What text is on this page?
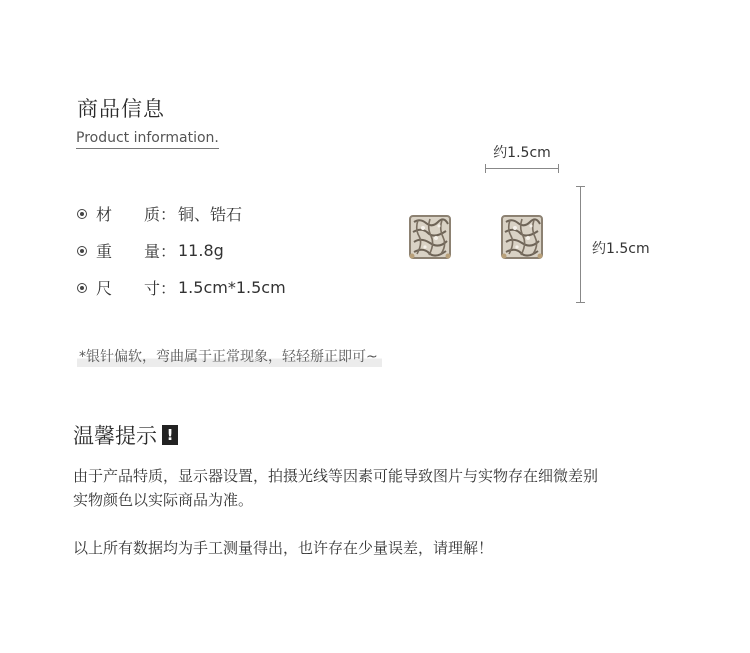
商品信息
Product information.
材　　质： 铜、锆石
重　　量： 11.8g
尺　　寸： 1.5cm*1.5cm
约1.5cm
约1.5cm
*银针偏软，弯曲属于正常现象，轻轻掰正即可~
温馨提示 !
由于产品特质，显示器设置，拍摄光线等因素可能导致图片与实物存在细微差别
实物颜色以实际商品为准。
以上所有数据均为手工测量得出，也许存在少量误差，请理解！
